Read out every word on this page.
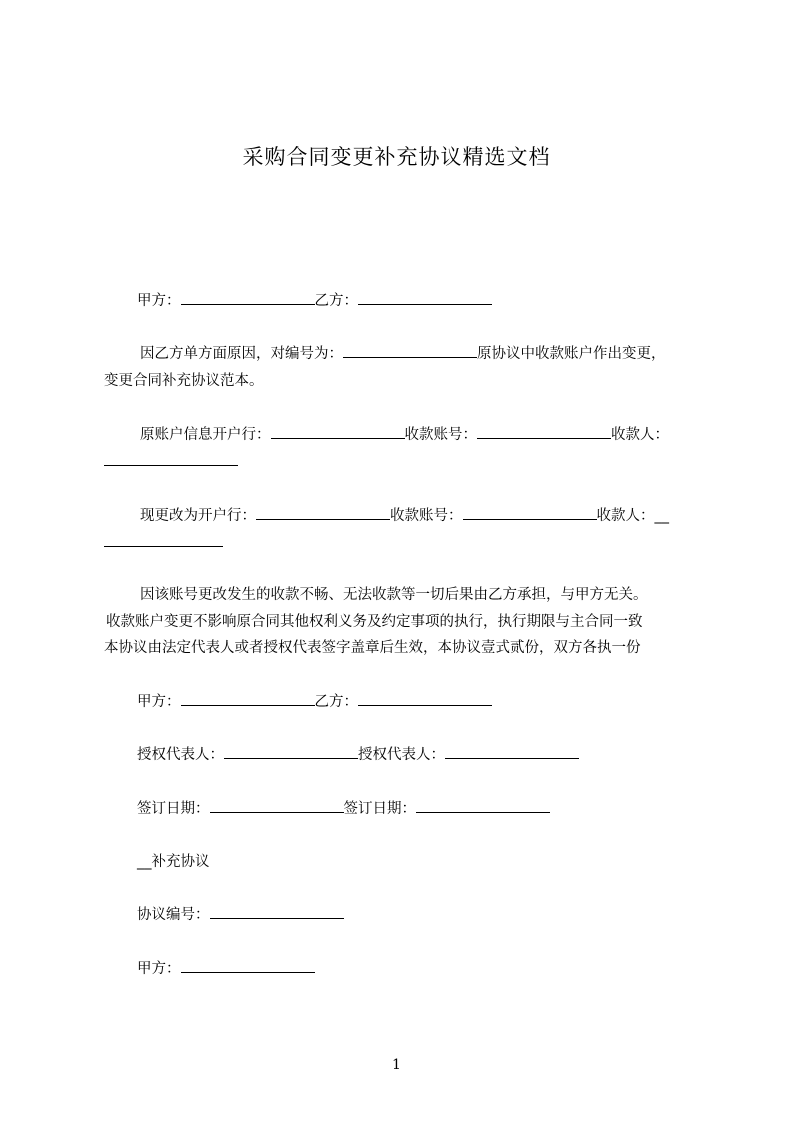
采购合同变更补充协议精选文档
甲方：	乙方：
因乙方单方面原因，对编号为：	原协议中收款账户作出变更，
变更合同补充协议范本。
原账户信息开户行：	收款账号：	收款人：
现更改为开户行：	收款账号：	收款人：__
因该账号更改发生的收款不畅、无法收款等一切后果由乙方承担，与甲方无关。
收款账户变更不影响原合同其他权利义务及约定事项的执行，执行期限与主合同一致
本协议由法定代表人或者授权代表签字盖章后生效，本协议壹式贰份，双方各执一份
甲方：	乙方：
授权代表人：	授权代表人：
签订日期：	签订日期：
__补充协议
协议编号：
甲方：
1
